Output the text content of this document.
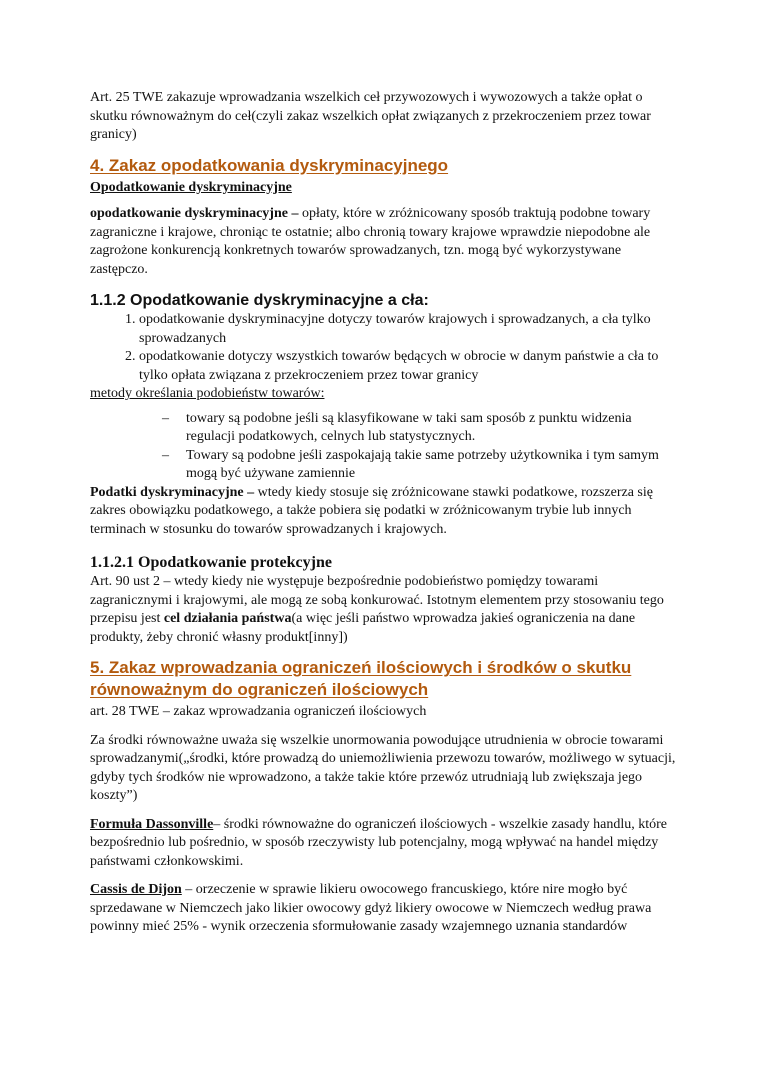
Art. 25 TWE zakazuje wprowadzania wszelkich ceł przywozowych i wywozowych a także opłat o skutku równoważnym do ceł(czyli zakaz wszelkich opłat związanych z przekroczeniem przez towar granicy)

4. Zakaz opodatkowania dyskryminacyjnego

Opodatkowanie dyskryminacyjne

opodatkowanie dyskryminacyjne – opłaty, które w zróżnicowany sposób traktują podobne towary zagraniczne i krajowe, chroniąc te ostatnie; albo chronią towary krajowe wprawdzie niepodobne ale zagrożone konkurencją konkretnych towarów sprowadzanych, tzn. mogą być wykorzystywane zastępczo.

1.1.2 Opodatkowanie dyskryminacyjne a cła:
1. opodatkowanie dyskryminacyjne dotyczy towarów krajowych i sprowadzanych, a cła tylko sprowadzanych
2. opodatkowanie dotyczy wszystkich towarów będących w obrocie w danym państwie a cła to tylko opłata związana z przekroczeniem przez towar granicy

metody określania podobieństw towarów:

– towary są podobne jeśli są klasyfikowane w taki sam sposób z punktu widzenia regulacji podatkowych, celnych lub statystycznych.
– Towary są podobne jeśli zaspokajają takie same potrzeby użytkownika i tym samym mogą być używane zamiennie

Podatki dyskryminacyjne – wtedy kiedy stosuje się zróżnicowane stawki podatkowe, rozszerza się zakres obowiązku podatkowego, a także pobiera się podatki w zróżnicowanym trybie lub innych terminach w stosunku do towarów sprowadzanych i krajowych.

1.1.2.1 Opodatkowanie protekcyjne

Art. 90 ust 2 – wtedy kiedy nie występuje bezpośrednie podobieństwo pomiędzy towarami zagranicznymi i krajowymi, ale mogą ze sobą konkurować. Istotnym elementem przy stosowaniu tego przepisu jest cel działania państwa(a więc jeśli państwo wprowadza jakieś ograniczenia na dane produkty, żeby chronić własny produkt[inny])

5. Zakaz wprowadzania ograniczeń ilościowych i środków o skutku równoważnym do ograniczeń ilościowych

art. 28 TWE – zakaz wprowadzania ograniczeń ilościowych

Za środki równoważne uważa się wszelkie unormowania powodujące utrudnienia w obrocie towarami sprowadzanymi(„środki, które prowadzą do uniemożliwienia przewozu towarów, możliwego w sytuacji, gdyby tych środków nie wprowadzono, a także takie które przewóz utrudniają lub zwiększaja jego koszty”)

Formuła Dassonville– środki równoważne do ograniczeń ilościowych - wszelkie zasady handlu, które bezpośrednio lub pośrednio, w sposób rzeczywisty lub potencjalny, mogą wpływać na handel między państwami członkowskimi.

Cassis de Dijon – orzeczenie w sprawie likieru owocowego francuskiego, które nire mogło być sprzedawane w Niemczech jako likier owocowy gdyż likiery owocowe w Niemczech według prawa powinny mieć 25% - wynik orzeczenia sformułowanie zasady wzajemnego uznania standardów
